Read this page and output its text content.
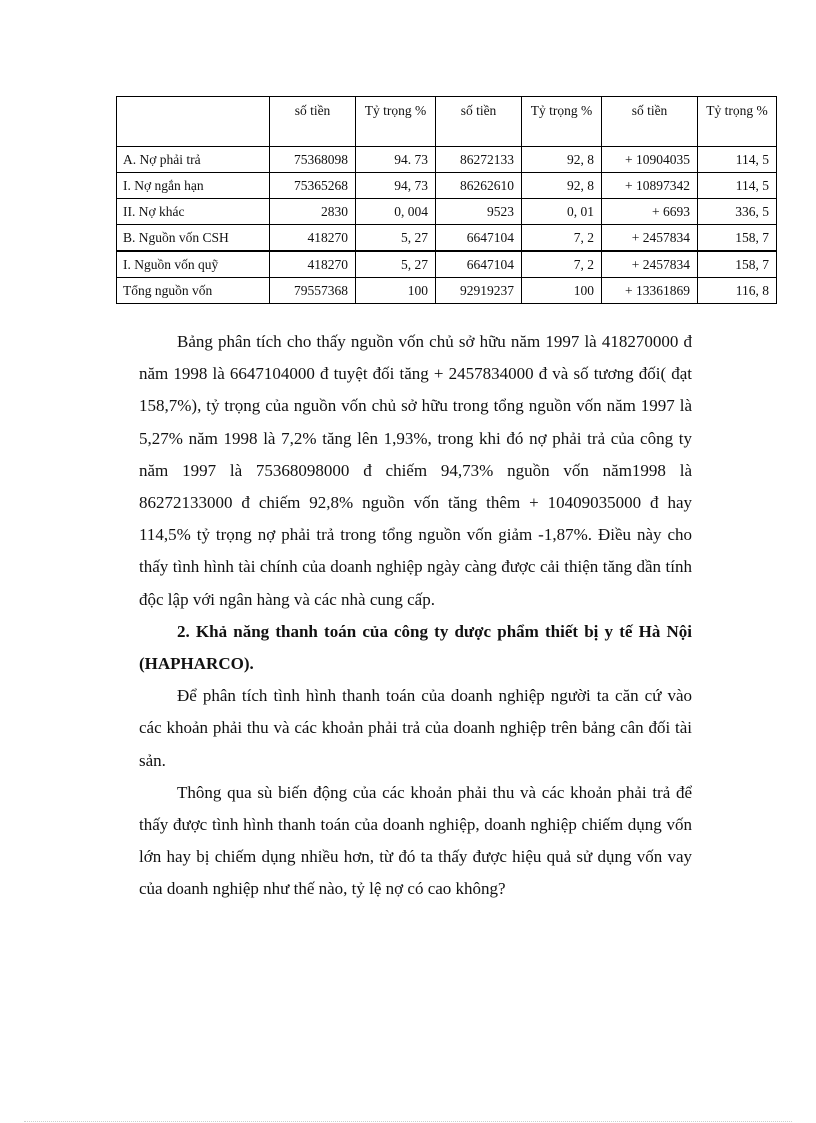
	số tiền	Tỷ trọng %	số tiền	Tỷ trọng %	số tiền	Tỷ trọng %
A. Nợ phải trả	75368098	94. 73	86272133	92, 8	+ 10904035	114, 5
I. Nợ ngắn hạn	75365268	94, 73	86262610	92, 8	+ 10897342	114, 5
II. Nợ khác	2830	0, 004	9523	0, 01	+ 6693	336, 5
B. Nguồn vốn CSH	418270	5, 27	6647104	7, 2	+ 2457834	158, 7
I. Nguồn vốn quỹ	418270	5, 27	6647104	7, 2	+ 2457834	158, 7
Tổng nguồn vốn	79557368	100	92919237	100	+ 13361869	116, 8

Bảng phân tích cho thấy nguồn vốn chủ sở hữu năm 1997 là 418270000 đ năm 1998 là 6647104000 đ tuyệt đối tăng + 2457834000 đ và số tương đối( đạt 158,7%), tỷ trọng của nguồn vốn chủ sở hữu trong tổng nguồn vốn năm 1997 là 5,27% năm 1998 là 7,2% tăng lên 1,93%, trong khi đó nợ phải trả của công ty năm 1997 là 75368098000 đ chiếm 94,73% nguồn vốn năm1998 là 86272133000 đ chiếm 92,8% nguồn vốn tăng thêm + 10409035000 đ hay 114,5% tỷ trọng nợ phải trả trong tổng nguồn vốn giảm -1,87%. Điều này cho thấy tình hình tài chính của doanh nghiệp ngày càng được cải thiện tăng dần tính độc lập với ngân hàng và các nhà cung cấp.

2. Khả năng thanh toán của công ty dược phẩm thiết bị y tế Hà Nội (HAPHARCO).

Để phân tích tình hình thanh toán của doanh nghiệp người ta căn cứ vào các khoản phải thu và các khoản phải trả của doanh nghiệp trên bảng cân đối tài sản.

Thông qua sù biến động của các khoản phải thu và các khoản phải trả để thấy được tình hình thanh toán của doanh nghiệp, doanh nghiệp chiếm dụng vốn lớn hay bị chiếm dụng nhiều hơn, từ đó ta thấy được hiệu quả sử dụng vốn vay của doanh nghiệp như thế nào, tỷ lệ nợ có cao không?
